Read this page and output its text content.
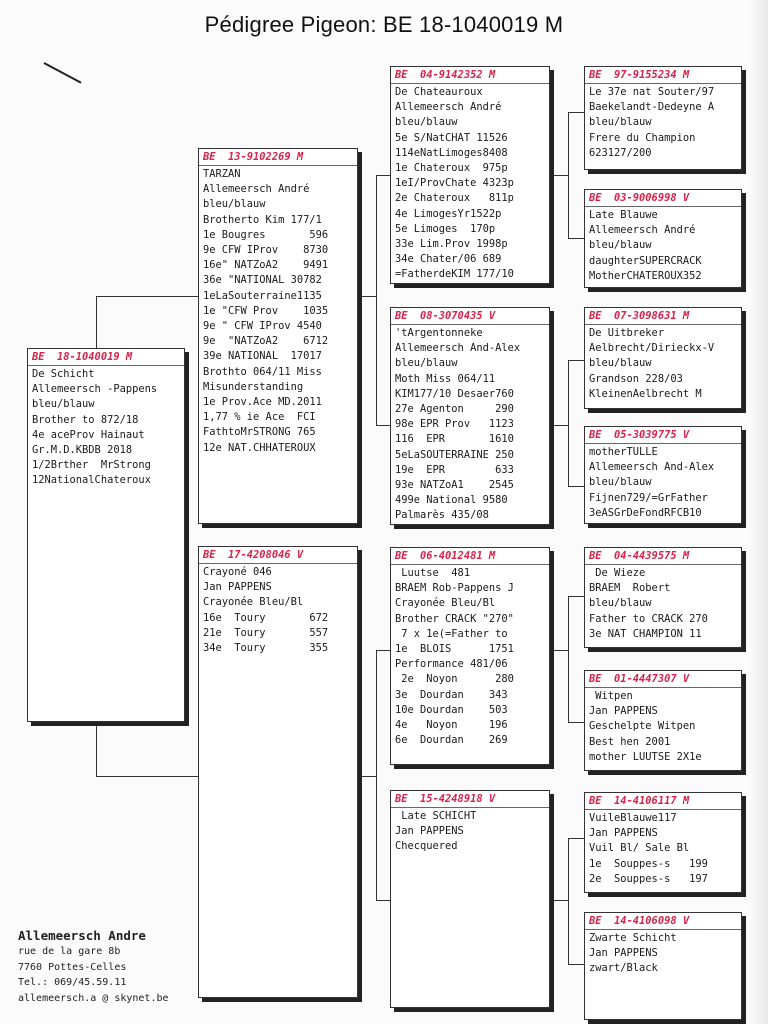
Pédigree Pigeon: BE 18-1040019 M
BE  18-1040019 M
De Schicht
Allemeersch -Pappens
bleu/blauw
Brother to 872/18
4e aceProv Hainaut
Gr.M.D.KBDB 2018
1/2Brther  MrStrong
12NationalChateroux
BE  13-9102269 M
TARZAN
Allemeersch André
bleu/blauw
Brotherto Kim 177/1
1e Bougres       596
9e CFW IProv    8730
16e" NATZoA2    9491
36e "NATIONAL 30782
1eLaSouterraine1135
1e "CFW Prov    1035
9e " CFW IProv 4540
9e  "NATZoA2    6712
39e NATIONAL  17017
Brothto 064/11 Miss
Misunderstanding
1e Prov.Ace MD.2011
1,77 % ie Ace  FCI
FathtoMrSTRONG 765
12e NAT.CHHATEROUX
BE  17-4208046 V
Crayoné 046
Jan PAPPENS
Crayonée Bleu/Bl
16e  Toury       672
21e  Toury       557
34e  Toury       355
BE  04-9142352 M
De Chateauroux
Allemeersch André
bleu/blauw
5e S/NatCHAT 11526
114eNatLimoges8408
1e Chateroux  975p
1eI/ProvChate 4323p
2e Chateroux   811p
4e LimogesYr1522p
5e Limoges  170p
33e Lim.Prov 1998p
34e Chater/06 689
=FatherdeKIM 177/10
BE  08-3070435 V
'tArgentonneke
Allemeersch And-Alex
bleu/blauw
Moth Miss 064/11
KIM177/10 Desaer760
27e Agenton     290
98e EPR Prov   1123
116  EPR       1610
5eLaSOUTERRAINE 250
19e  EPR        633
93e NATZoA1    2545
499e National 9580
Palmarès 435/08
BE  06-4012481 M
Luutse  481
BRAEM Rob-Pappens J
Crayonée Bleu/Bl
Brother CRACK "270"
7 x 1e(=Father to
1e  BLOIS      1751
Performance 481/06
2e  Noyon      280
3e  Dourdan    343
10e Dourdan    503
4e   Noyon     196
6e  Dourdan    269
BE  15-4248918 V
Late SCHICHT
Jan PAPPENS
Checquered
BE  97-9155234 M
Le 37e nat Souter/97
Baekelandt-Dedeyne A
bleu/blauw
Frere du Champion
623127/200
BE  03-9006998 V
Late Blauwe
Allemeersch André
bleu/blauw
daughterSUPERCRACK
MotherCHATEROUX352
BE  07-3098631 M
De Uitbreker
Aelbrecht/Dirieckx-V
bleu/blauw
Grandson 228/03
KleinenAelbrecht M
BE  05-3039775 V
motherTULLE
Allemeersch And-Alex
bleu/blauw
Fijnen729/=GrFather
3eASGrDeFondRFCB10
BE  04-4439575 M
De Wieze
BRAEM  Robert
bleu/blauw
Father to CRACK 270
3e NAT CHAMPION 11
BE  01-4447307 V
Witpen
Jan PAPPENS
Geschelpte Witpen
Best hen 2001
mother LUUTSE 2X1e
BE  14-4106117 M
VuileBlauwe117
Jan PAPPENS
Vuil Bl/ Sale Bl
1e  Souppes-s   199
2e  Souppes-s   197
BE  14-4106098 V
Zwarte Schicht
Jan PAPPENS
zwart/Black
Allemeersch Andre
rue de la gare 8b
7760 Pottes-Celles
Tel.: 069/45.59.11
allemeersch.a @ skynet.be
